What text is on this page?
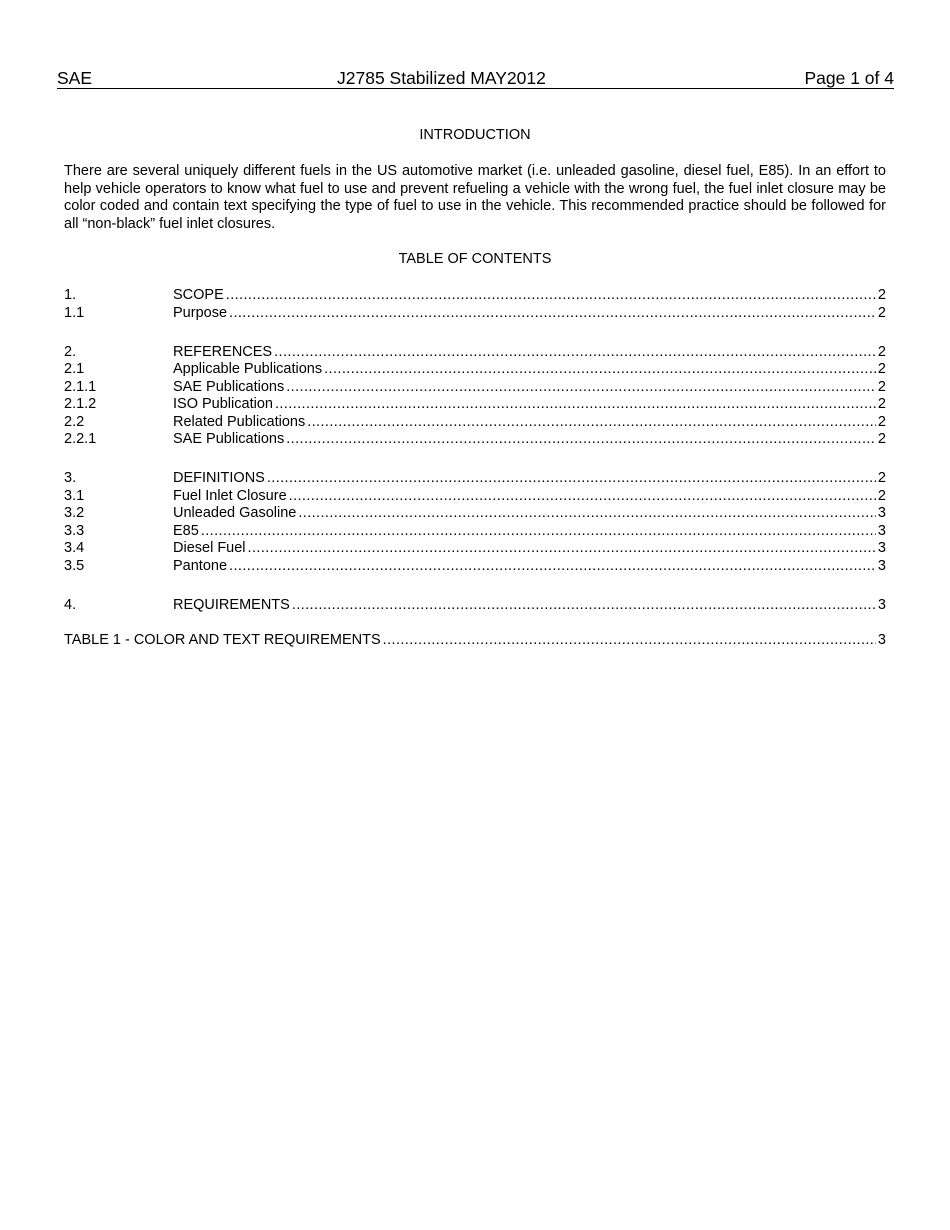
SAE	J2785 Stabilized MAY2012	Page 1 of 4
INTRODUCTION
There are several uniquely different fuels in the US automotive market (i.e. unleaded gasoline, diesel fuel, E85). In an effort to help vehicle operators to know what fuel to use and prevent refueling a vehicle with the wrong fuel, the fuel inlet closure may be color coded and contain text specifying the type of fuel to use in the vehicle. This recommended practice should be followed for all “non-black” fuel inlet closures.
TABLE OF CONTENTS
1.	SCOPE .....	2
1.1	Purpose .....	2
2.	REFERENCES .....	2
2.1	Applicable Publications .....	2
2.1.1	SAE Publications .....	2
2.1.2	ISO Publication .....	2
2.2	Related Publications .....	2
2.2.1	SAE Publications .....	2
3.	DEFINITIONS .....	2
3.1	Fuel Inlet Closure .....	2
3.2	Unleaded Gasoline .....	3
3.3	E85 .....	3
3.4	Diesel Fuel .....	3
3.5	Pantone .....	3
4.	REQUIREMENTS .....	3
TABLE 1 - COLOR AND TEXT REQUIREMENTS .....	3
